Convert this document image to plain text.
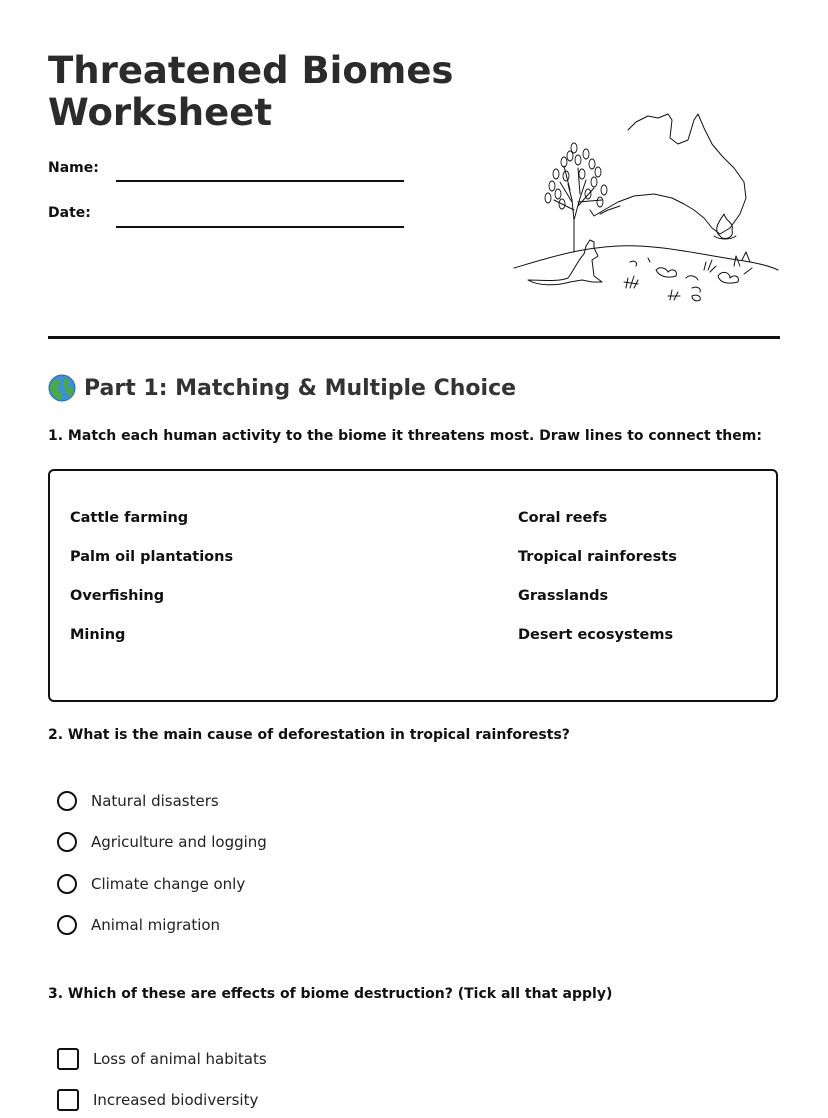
Threatened Biomes
Worksheet
Name:
Date:
Part 1: Matching & Multiple Choice
1. Match each human activity to the biome it threatens most. Draw lines to connect them:
Cattle farming
Palm oil plantations
Overfishing
Mining
Coral reefs
Tropical rainforests
Grasslands
Desert ecosystems
2. What is the main cause of deforestation in tropical rainforests?
Natural disasters
Agriculture and logging
Climate change only
Animal migration
3. Which of these are effects of biome destruction? (Tick all that apply)
Loss of animal habitats
Increased biodiversity
